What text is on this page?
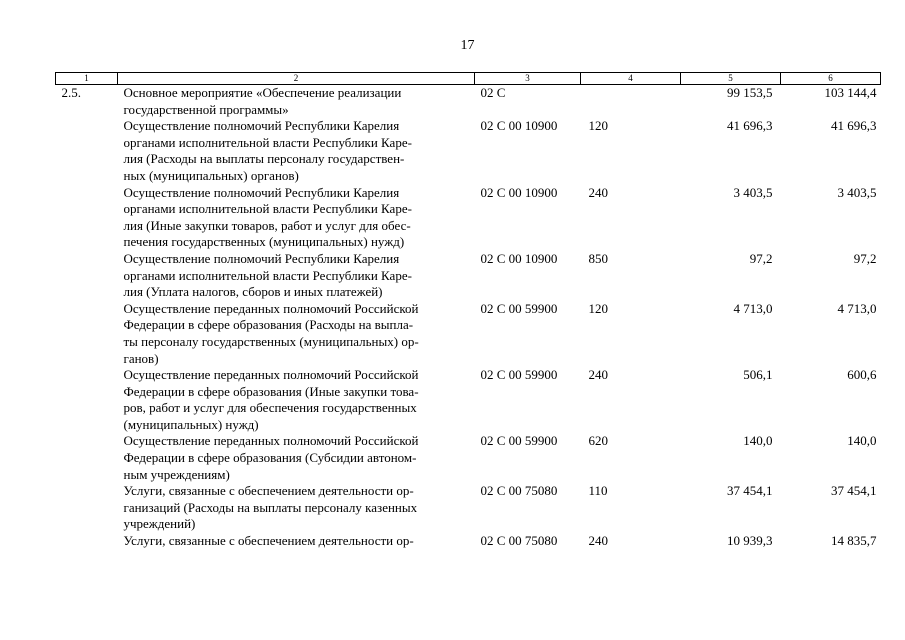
17
1	2	3	4	5	6
2.5.	Основное мероприятие «Обеспечение реализации
государственной программы»	02 С		99 153,5	103 144,4

	Осуществление полномочий Республики Карелия
органами исполнительной власти Республики Каре-
лия (Расходы на выплаты персоналу государствен-
ных (муниципальных) органов)	02 С 00 10900	120	41 696,3	41 696,3

	Осуществление полномочий Республики Карелия
органами исполнительной власти Республики Каре-
лия (Иные закупки товаров, работ и услуг для обес-
печения государственных (муниципальных) нужд)	02 С 00 10900	240	3 403,5	3 403,5

	Осуществление полномочий Республики Карелия
органами исполнительной власти Республики Каре-
лия (Уплата налогов, сборов и иных платежей)	02 С 00 10900	850	97,2	97,2

	Осуществление переданных полномочий Российской
Федерации в сфере образования (Расходы на выпла-
ты персоналу государственных (муниципальных) ор-
ганов)	02 С 00 59900	120	4 713,0	4 713,0

	Осуществление переданных полномочий Российской
Федерации в сфере образования (Иные закупки това-
ров, работ и услуг для обеспечения государственных
(муниципальных) нужд)	02 С 00 59900	240	506,1	600,6

	Осуществление переданных полномочий Российской
Федерации в сфере образования (Субсидии автоном-
ным учреждениям)	02 С 00 59900	620	140,0	140,0

	Услуги, связанные с обеспечением деятельности ор-
ганизаций (Расходы на выплаты персоналу казенных
учреждений)	02 С 00 75080	110	37 454,1	37 454,1

	Услуги, связанные с обеспечением деятельности ор-	02 С 00 75080	240	10 939,3	14 835,7
